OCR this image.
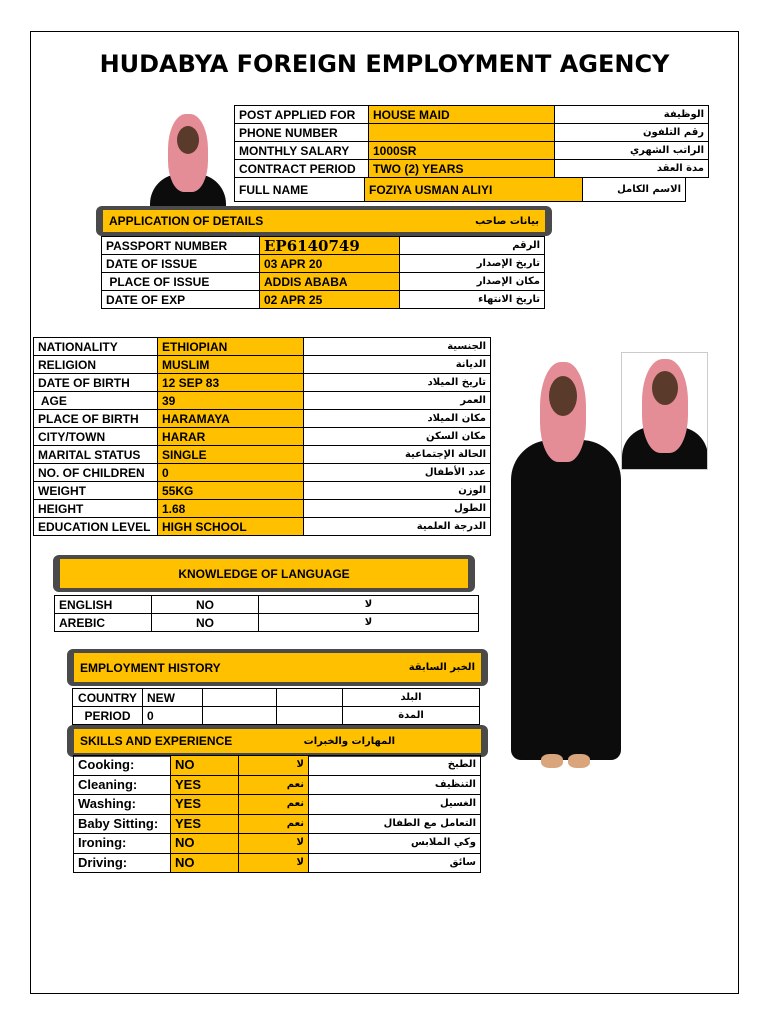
HUDABYA FOREIGN EMPLOYMENT AGENCY
POST APPLIED FOR	HOUSE MAID	الوظيفة
PHONE NUMBER		رقم التلفون
MONTHLY SALARY	1000SR	الراتب الشهري
CONTRACT PERIOD	TWO (2) YEARS	مدة العقد
FULL NAME	FOZIYA USMAN ALIYI	الاسم الكامل
APPLICATION OF DETAILS	بيانات صاحب
PASSPORT NUMBER	EP6140749	الرقم
DATE OF ISSUE	03 APR 20	تاريخ الإصدار
PLACE OF ISSUE	ADDIS ABABA	مكان الإصدار
DATE OF EXP	02 APR 25	تاريخ الانتهاء
NATIONALITY	ETHIOPIAN	الجنسية
RELIGION	MUSLIM	الديانة
DATE OF BIRTH	12 SEP 83	تاريخ الميلاد
AGE	39	العمر
PLACE OF BIRTH	HARAMAYA	مكان الميلاد
CITY/TOWN	HARAR	مكان السكن
MARITAL STATUS	SINGLE	الحالة الإجتماعية
NO. OF CHILDREN	0	عدد الأطفال
WEIGHT	55KG	الوزن
HEIGHT	1.68	الطول
EDUCATION LEVEL	HIGH SCHOOL	الدرجة العلمية
KNOWLEDGE OF LANGUAGE
ENGLISH	NO	لا
AREBIC	NO	لا
EMPLOYMENT HISTORY	الخبر السابقة
COUNTRY	NEW			البلد
PERIOD	0			المدة
SKILLS AND EXPERIENCE	المهارات والخبرات
Cooking:	NO	لا	الطبخ
Cleaning:	YES	نعم	التنظيف
Washing:	YES	نعم	الغسيل
Baby Sitting:	YES	نعم	التعامل مع الطفال
Ironing:	NO	لا	وكي الملابس
Driving:	NO	لا	سائق
